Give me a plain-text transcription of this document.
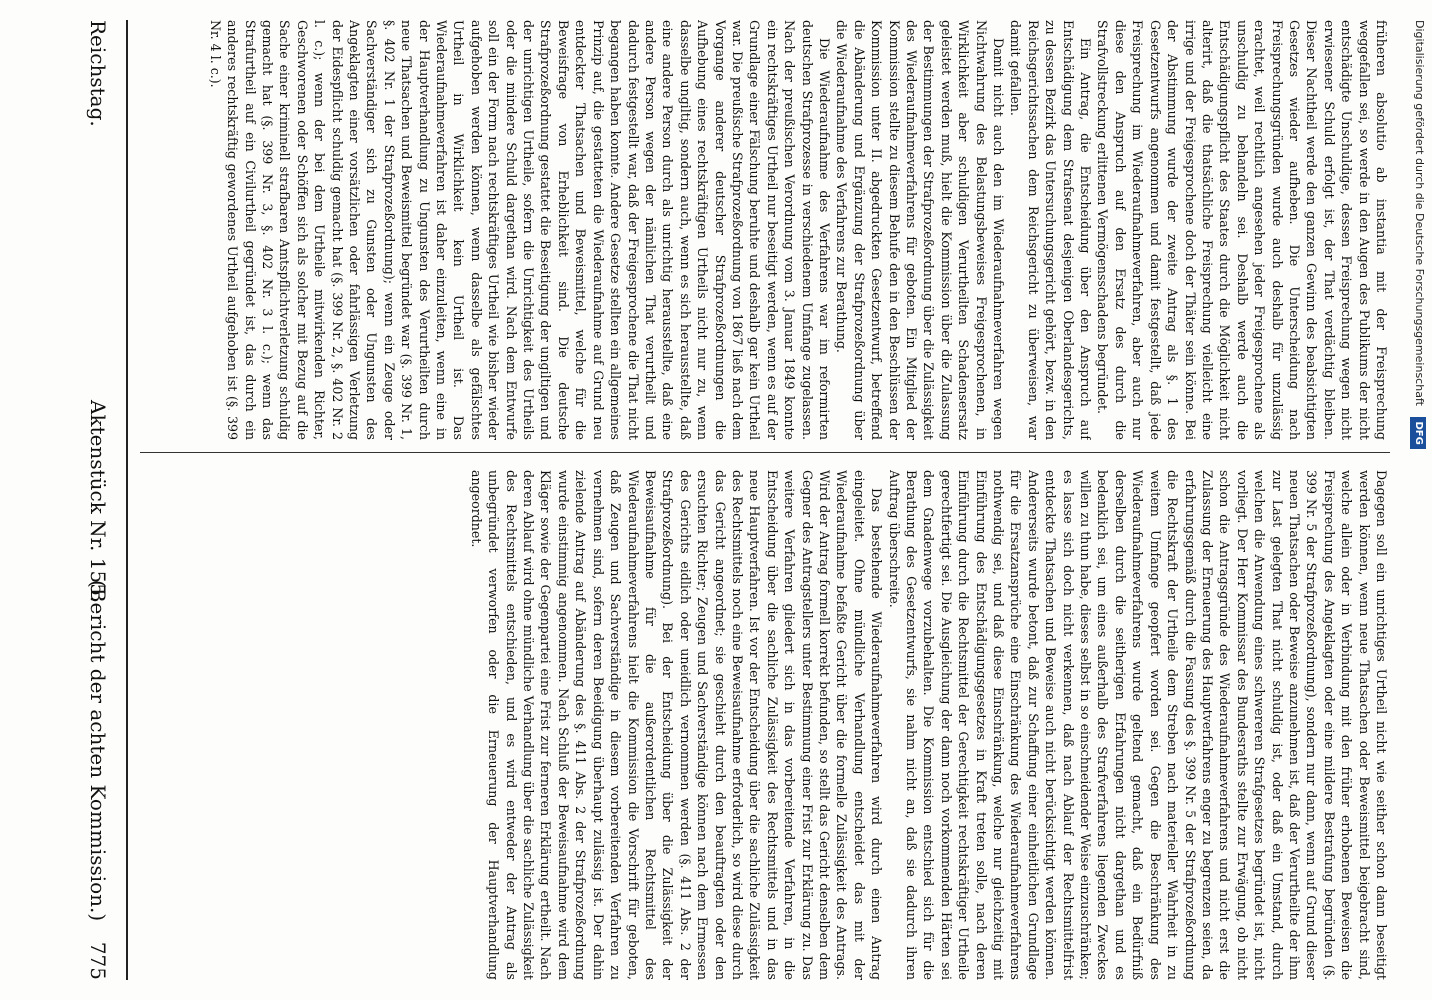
früheren absolutio ab instantia mit der Freisprechung weggefallen sei, so werde in den Augen des Publikums der nicht entschädigte Unschuldige, dessen Freisprechung wegen nicht erwiesener Schuld erfolgt ist, der That verdächtig bleiben. Dieser Nachtheil werde den ganzen Gewinn des beabsichtigten Gesetzes wieder aufheben. Die Unterscheidung nach Freisprechungsgründen wurde auch deshalb für unzulässig erachtet, weil rechtlich angesehen jeder Freigesprochene als unschuldig zu behandeln sei. Deshalb werde auch die Entschädigungspflicht des Staates durch die Möglichkeit nicht alterirt, daß die thatsächliche Freisprechung vielleicht eine irrige und der Freigesprochene doch der Thäter sein könne. Bei der Abstimmung wurde der zweite Antrag als §. 1 des Gesetzentwurfs angenommen und damit festgestellt, daß jede Freisprechung im Wiederaufnahmeverfahren, aber auch nur diese den Anspruch auf den Ersatz des durch die Strafvollstreckung erlittenen Vermögensschadens begründet.

Ein Antrag, die Entscheidung über den Anspruch auf Entschädigung dem Strafsenat desjenigen Oberlandesgerichts, zu dessen Bezirk das Untersuchungsgericht gehört, bezw. in den Reichsgerichtssachen dem Reichsgericht zu überweisen, war damit gefallen.

Damit nicht auch den im Wiederaufnahmeverfahren wegen Nichtwahrung des Belastungsbeweises Freigesprochenen, in Wirklichkeit aber schuldigen Verurtheilten Schadensersatz geleistet werden muß, hielt die Kommission über die Zulassung der Bestimmungen der Strafprozeßordnung über die Zulässigkeit des Wiederaufnahmeverfahrens für geboten. Ein Mitglied der Kommission stellte zu diesem Behufe den in den Beschlüssen der Kommission unter II. abgedruckten Gesetzentwurf, betreffend die Abänderung und Ergänzung der Strafprozeßordnung über die Wiederaufnahme des Verfahrens zur Berathung.

Die Wiederaufnahme des Verfahrens war im reformirten deutschen Strafprozesse in verschiedenem Umfange zugelassen. Nach der preußischen Verordnung vom 3. Januar 1849 konnte ein rechtskräftiges Urtheil nur beseitigt werden, wenn es auf der Grundlage einer Fälschung beruhte und deshalb gar kein Urtheil war. Die preußische Strafprozeßordnung von 1867 ließ nach dem Vorgange anderer deutscher Strafprozeßordnungen die Aufhebung eines rechtskräftigen Urtheils nicht nur zu, wenn dasselbe ungiltig, sondern auch, wenn es sich herausstellte, daß eine andere Person durch als unrichtig herausstellte, daß eine andere Person wegen der nämlichen That verurtheilt und dadurch festgestellt war, daß der Freigesprochene die That nicht begangen haben konnte. Andere Gesetze stellten ein allgemeines Prinzip auf, die gestatteten die Wiederaufnahme auf Grund neu entdeckter Thatsachen und Beweismittel, welche für die Beweisfrage von Erheblichkeit sind. Die deutsche Strafprozeßordnung gestattet die Beseitigung der ungiltigen und der unrichtigen Urtheile, sofern die Unrichtigkeit des Urtheils oder die mindere Schuld dargethan wird. Nach dem Entwurfe soll ein der Form nach rechtskräftiges Urtheil wie bisher wieder aufgehoben werden können, wenn dasselbe als gefälschtes Urtheil in Wirklichkeit kein Urtheil ist. Das Wiederaufnahmeverfahren ist daher einzuleiten, wenn eine in der Hauptverhandlung zu Ungunsten des Verurtheilten durch neue Thatsachen und Beweismittel begründet war (§. 399 Nr. 1, §. 402 Nr. 1 der Strafprozeßordnung); wenn ein Zeuge oder Sachverständiger sich zu Gunsten oder Ungunsten des Angeklagten einer vorsätzlichen oder fahrlässigen Verletzung der Eidespflicht schuldig gemacht hat (§. 399 Nr. 2, §. 402 Nr. 2 l. c.); wenn der bei dem Urtheile mitwirkenden Richter, Geschworenen oder Schöffen sich als solcher mit Bezug auf die Sache einer kriminell strafbaren Amtspflichtverletzung schuldig gemacht hat (§. 399 Nr. 3, §. 402 Nr. 3 l. c.); wenn das Strafurtheil auf ein Civilurtheil gegründet ist, das durch ein anderes rechtskräftig gewordenes Urtheil aufgehoben ist (§. 399 Nr. 4 l. c.).

Dagegen soll ein unrichtiges Urtheil nicht wie seither schon dann beseitigt werden können, wenn neue Thatsachen oder Beweismittel beigebracht sind, welche allein oder in Verbindung mit den früher erhobenen Beweisen die Freisprechung des Angeklagten oder eine mildere Bestrafung begründen (§. 399 Nr. 5 der Strafprozeßordnung), sondern nur dann, wenn auf Grund dieser neuen Thatsachen oder Beweise anzunehmen ist, daß der Verurtheilte der ihm zur Last gelegten That nicht schuldig ist, oder daß ein Umstand, durch welchen die Anwendung eines schwereren Strafgesetzes begründet ist, nicht vorliegt. Der Herr Kommissar des Bundesraths stellte zur Erwägung, ob nicht schon die Antragsgründe des Wiederaufnahmeverfahrens und nicht erst die Zulassung der Erneuerung des Hauptverfahrens enger zu begrenzen seien, da erfahrungsgemäß durch die Fassung des §. 399 Nr. 5 der Strafprozeßordnung die Rechtskraft der Urtheile dem Streben nach materieller Wahrheit in zu weitem Umfange geopfert worden sei. Gegen die Beschränkung des Wiederaufnahmeverfahrens wurde geltend gemacht, daß ein Bedürfniß derselben durch die seitherigen Erfahrungen nicht dargethan und es bedenklich sei, um eines außerhalb des Strafverfahrens liegenden Zweckes willen zu thun habe, dieses selbst in so einschneidender Weise einzuschränken; es lasse sich doch nicht verkennen, daß nach Ablauf der Rechtsmittelfrist entdeckte Thatsachen und Beweise auch nicht berücksichtigt werden können. Andererseits wurde betont, daß zur Schaffung einer einheitlichen Grundlage für die Ersatzansprüche eine Einschränkung des Wiederaufnahmeverfahrens nothwendig sei, und daß diese Einschränkung, welche nur gleichzeitig mit Einführung des Entschädigungsgesetzes in Kraft treten solle, nach deren Einführung durch die Rechtsmittel der Gerechtigkeit rechtskräftiger Urtheile gerechtfertigt sei. Die Ausgleichung der dann noch vorkommenden Härten sei dem Gnadenwege vorzubehalten. Die Kommission entschied sich für die Berathung des Gesetzentwurfs, sie nahm nicht an, daß sie dadurch ihren Auftrag überschreite.

Das bestehende Wiederaufnahmeverfahren wird durch einen Antrag eingeleitet. Ohne mündliche Verhandlung entscheidet das mit der Wiederaufnahme befaßte Gericht über die formelle Zulässigkeit des Antrags. Wird der Antrag formell korrekt befunden, so stellt das Gericht denselben dem Gegner des Antragstellers unter Bestimmung einer Frist zur Erklärung zu. Das weitere Verfahren gliedert sich in das vorbereitende Verfahren, in die Entscheidung über die sachliche Zulässigkeit des Rechtsmittels und in das neue Hauptverfahren. Ist vor der Entscheidung über die sachliche Zulässigkeit des Rechtsmittels noch eine Beweisaufnahme erforderlich, so wird diese durch das Gericht angeordnet; sie geschieht durch den beauftragten oder den ersuchten Richter; Zeugen und Sachverständige können nach dem Ermessen des Gerichts eidlich oder uneidlich vernommen werden (§. 411 Abs. 2 der Strafprozeßordnung). Bei der Entscheidung über die Zulässigkeit der Beweisaufnahme für die außerordentlichen Rechtsmittel des Wiederaufnahmeverfahrens hielt die Kommission die Vorschrift für geboten, daß Zeugen und Sachverständige in diesem vorbereitenden Verfahren zu vernehmen sind, sofern deren Beeidigung überhaupt zulässig ist. Der dahin zielende Antrag auf Abänderung des §. 411 Abs. 2 der Strafprozeßordnung wurde einstimmig angenommen. Nach Schluß der Beweisaufnahme wird dem Kläger sowie der Gegenpartei eine Frist zur ferneren Erklärung ertheilt. Nach deren Ablauf wird ohne mündliche Verhandlung über die sachliche Zulässigkeit des Rechtsmittels entschieden, und es wird entweder der Antrag als unbegründet verworfen oder die Erneuerung der Hauptverhandlung angeordnet.

Reichstag.
Aktenstück Nr. 155.
(Bericht der achten Kommission.)
775
Digitalisierung gefördert durch die Deutsche Forschungsgemeinschaft DFG
